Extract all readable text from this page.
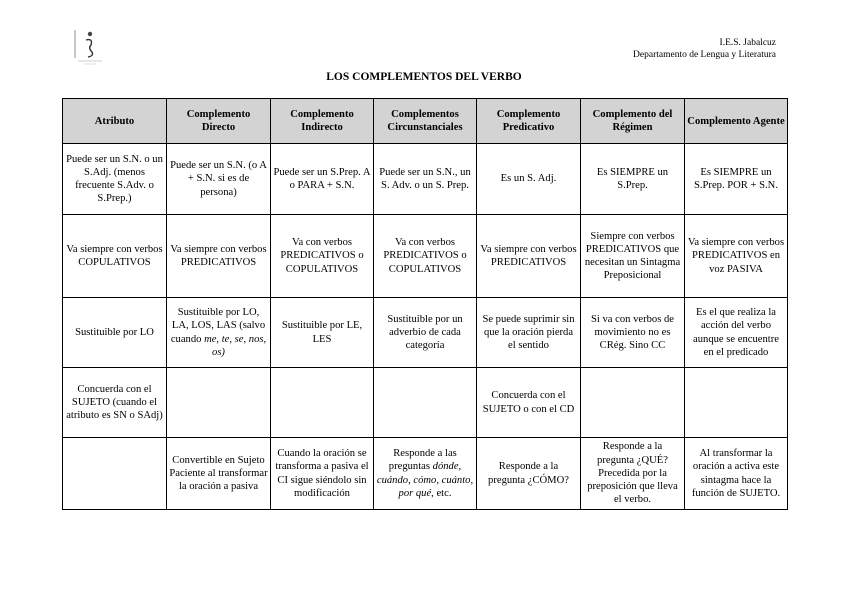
I.E.S. Jabalcuz
Departamento de Lengua y Literatura
LOS COMPLEMENTOS DEL VERBO
Atributo	Complemento Directo	Complemento Indirecto	Complementos Circunstanciales	Complemento Predicativo	Complemento del Régimen	Complemento Agente
Puede ser un S.N. o un S.Adj. (menos frecuente S.Adv. o S.Prep.)	Puede ser un S.N. (o A + S.N. si es de persona)	Puede ser un S.Prep. A o PARA + S.N.	Puede ser un S.N., un S. Adv. o un S. Prep.	Es un S. Adj.	Es SIEMPRE un S.Prep.	Es SIEMPRE un S.Prep. POR + S.N.
Va siempre con verbos COPULATIVOS	Va siempre con verbos PREDICATIVOS	Va con verbos PREDICATIVOS o COPULATIVOS	Va con verbos PREDICATIVOS o COPULATIVOS	Va siempre con verbos PREDICATIVOS	Siempre con verbos PREDICATIVOS que necesitan un Sintagma Preposicional	Va siempre con verbos PREDICATIVOS en voz PASIVA
Sustituible por LO	Sustituible por LO, LA, LOS, LAS (salvo cuando me, te, se, nos, os)	Sustituible por LE, LES	Sustituible por un adverbio de cada categoría	Se puede suprimir sin que la oración pierda el sentido	Si va con verbos de movimiento no es CRég. Sino CC	Es el que realiza la acción del verbo aunque se encuentre en el predicado
Concuerda con el SUJETO (cuando el atributo es SN o SAdj)				Concuerda con el SUJETO o con el CD		
	Convertible en Sujeto Paciente al transformar la oración a pasiva	Cuando la oración se transforma a pasiva el CI sigue siéndolo sin modificación	Responde a las preguntas dónde, cuándo, cómo, cuánto, por qué, etc.	Responde a la pregunta ¿CÓMO?	Responde a la pregunta ¿QUÉ? Precedida por la preposición que lleva el verbo.	Al transformar la oración a activa este sintagma hace la función de SUJETO.
